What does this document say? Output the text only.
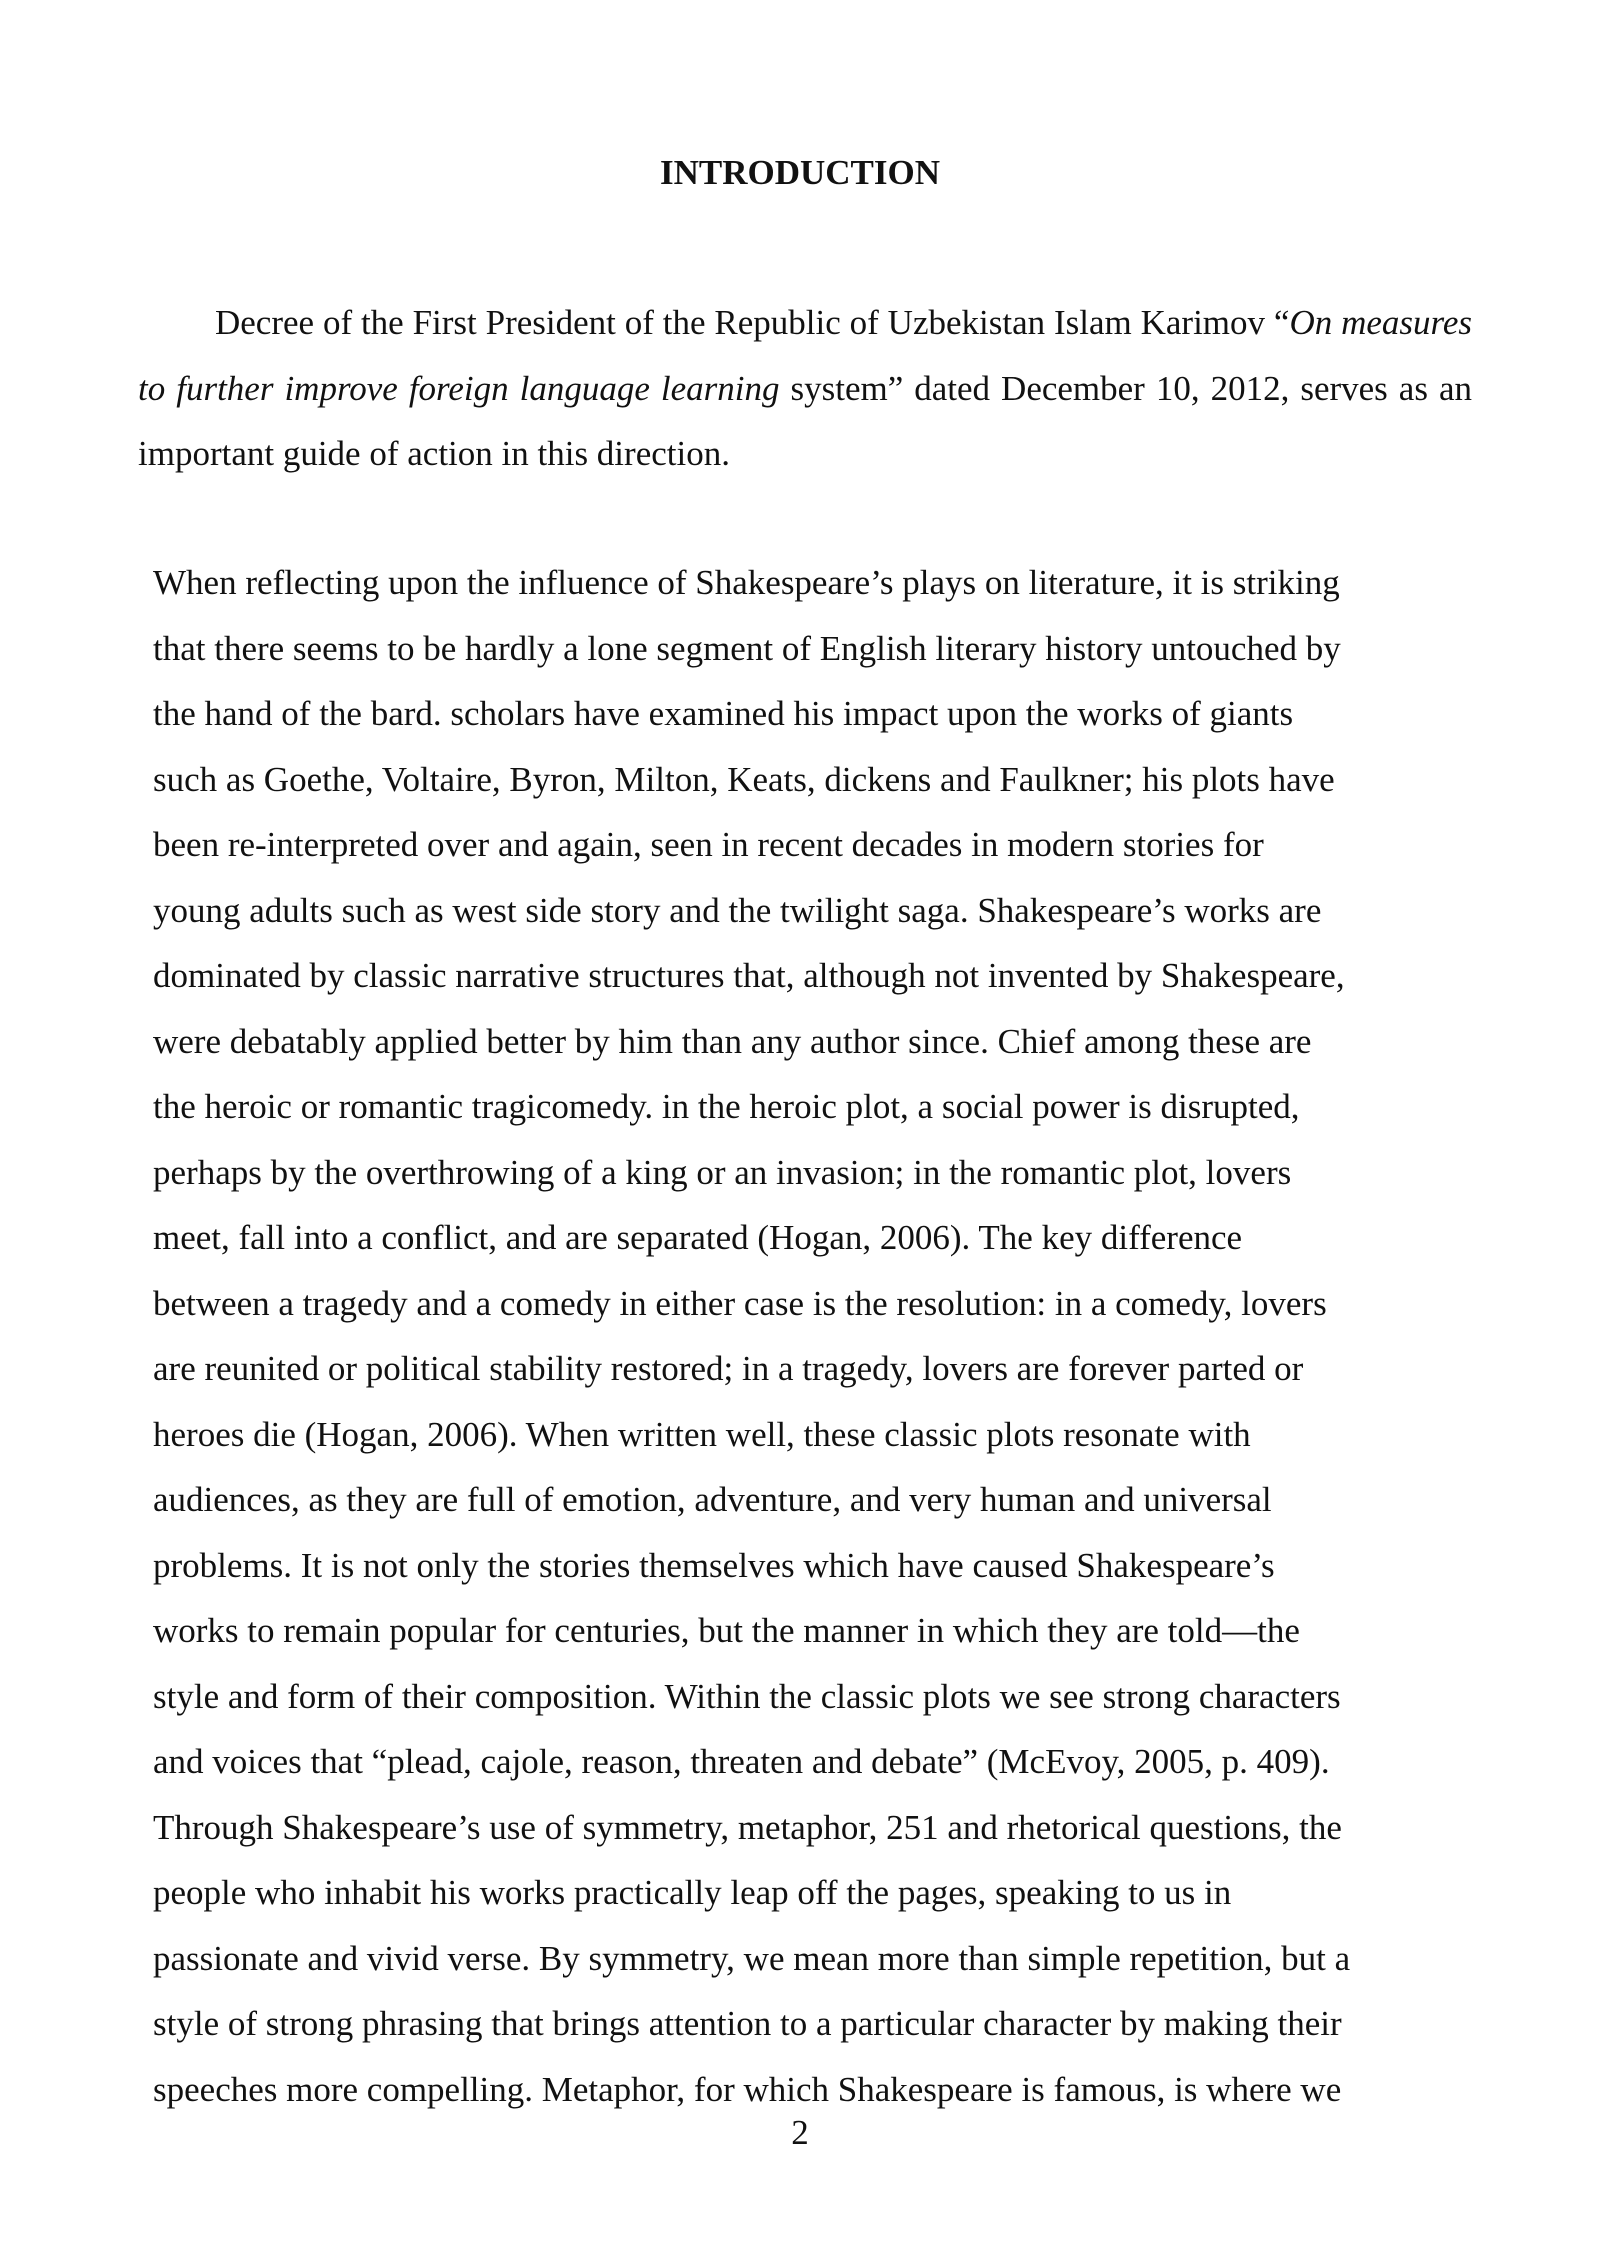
INTRODUCTION

Decree of the First President of the Republic of Uzbekistan Islam Karimov “On measures to further improve foreign language learning system” dated December 10, 2012, serves as an important guide of action in this direction.

When reflecting upon the influence of Shakespeare’s plays on literature, it is striking
that there seems to be hardly a lone segment of English literary history untouched by
the hand of the bard. scholars have examined his impact upon the works of giants
such as Goethe, Voltaire, Byron, Milton, Keats, dickens and Faulkner; his plots have
been re-interpreted over and again, seen in recent decades in modern stories for
young adults such as west side story and the twilight saga. Shakespeare’s works are
dominated by classic narrative structures that, although not invented by Shakespeare,
were debatably applied better by him than any author since. Chief among these are
the heroic or romantic tragicomedy. in the heroic plot, a social power is disrupted,
perhaps by the overthrowing of a king or an invasion; in the romantic plot, lovers
meet, fall into a conflict, and are separated (Hogan, 2006). The key difference
between a tragedy and a comedy in either case is the resolution: in a comedy, lovers
are reunited or political stability restored; in a tragedy, lovers are forever parted or
heroes die (Hogan, 2006). When written well, these classic plots resonate with
audiences, as they are full of emotion, adventure, and very human and universal
problems. It is not only the stories themselves which have caused Shakespeare’s
works to remain popular for centuries, but the manner in which they are told—the
style and form of their composition. Within the classic plots we see strong characters
and voices that “plead, cajole, reason, threaten and debate” (McEvoy, 2005, p. 409).
Through Shakespeare’s use of symmetry, metaphor, 251 and rhetorical questions, the
people who inhabit his works practically leap off the pages, speaking to us in
passionate and vivid verse. By symmetry, we mean more than simple repetition, but a
style of strong phrasing that brings attention to a particular character by making their
speeches more compelling. Metaphor, for which Shakespeare is famous, is where we
2
